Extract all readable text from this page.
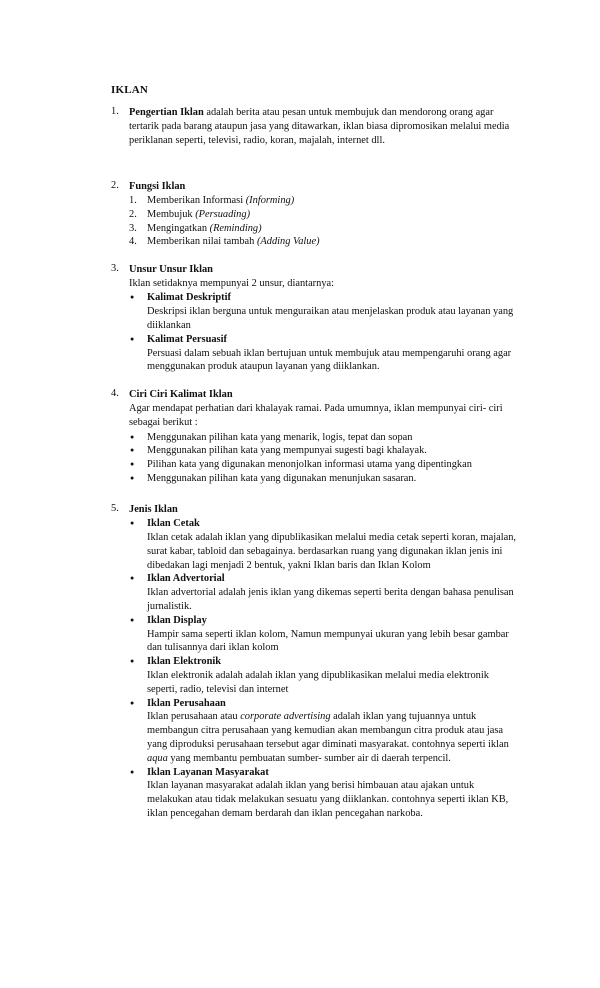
IKLAN
1. Pengertian Iklan adalah berita atau pesan untuk membujuk dan mendorong orang agar tertarik pada barang ataupun jasa yang ditawarkan, iklan biasa dipromosikan melalui media periklanan seperti, televisi, radio, koran, majalah, internet dll.

2. Fungsi Iklan

1. Memberikan Informasi (Informing)
2. Membujuk (Persuading)
3. Mengingatkan (Reminding)
4. Memberikan nilai tambah (Adding Value)
3. Unsur Unsur Iklan

Iklan setidaknya mempunyai 2 unsur, diantarnya:

● Kalimat Deskriptif
Deskripsi iklan berguna untuk menguraikan atau menjelaskan produk atau layanan yang diiklankan
● Kalimat Persuasif
Persuasi dalam sebuah iklan bertujuan untuk membujuk atau mempengaruhi orang agar menggunakan produk ataupun layanan yang diiklankan.
4. Ciri Ciri Kalimat Iklan

Agar mendapat perhatian dari khalayak ramai. Pada umumnya, iklan mempunyai ciri- ciri sebagai berikut :

● Menggunakan pilihan kata yang menarik, logis, tepat dan sopan
● Menggunakan pilihan kata yang mempunyai sugesti bagi khalayak.
● Pilihan kata yang digunakan menonjolkan informasi utama yang dipentingkan
● Menggunakan pilihan kata yang digunakan menunjukan sasaran.
5. Jenis Iklan

● Iklan Cetak
Iklan cetak adalah iklan yang dipublikasikan melalui media cetak seperti koran, majalan, surat kabar, tabloid dan sebagainya. berdasarkan ruang yang digunakan iklan jenis ini dibedakan lagi menjadi 2 bentuk, yakni Iklan baris dan Iklan Kolom
● Iklan Advertorial
Iklan advertorial adalah jenis iklan yang dikemas seperti berita dengan bahasa penulisan jurnalistik.
● Iklan Display
Hampir sama seperti iklan kolom, Namun mempunyai ukuran yang lebih besar gambar dan tulisannya dari iklan kolom
● Iklan Elektronik
Iklan elektronik adalah adalah iklan yang dipublikasikan melalui media elektronik seperti, radio, televisi dan internet
● Iklan Perusahaan
Iklan perusahaan atau corporate advertising adalah iklan yang tujuannya untuk membangun citra perusahaan yang kemudian akan membangun citra produk atau jasa yang diproduksi perusahaan tersebut agar diminati masyarakat. contohnya seperti iklan aqua yang membantu pembuatan sumber- sumber air di daerah terpencil.
● Iklan Layanan Masyarakat
Iklan layanan masyarakat adalah iklan yang berisi himbauan atau ajakan untuk melakukan atau tidak melakukan sesuatu yang diiklankan. contohnya seperti iklan KB, iklan pencegahan demam berdarah dan iklan pencegahan narkoba.
